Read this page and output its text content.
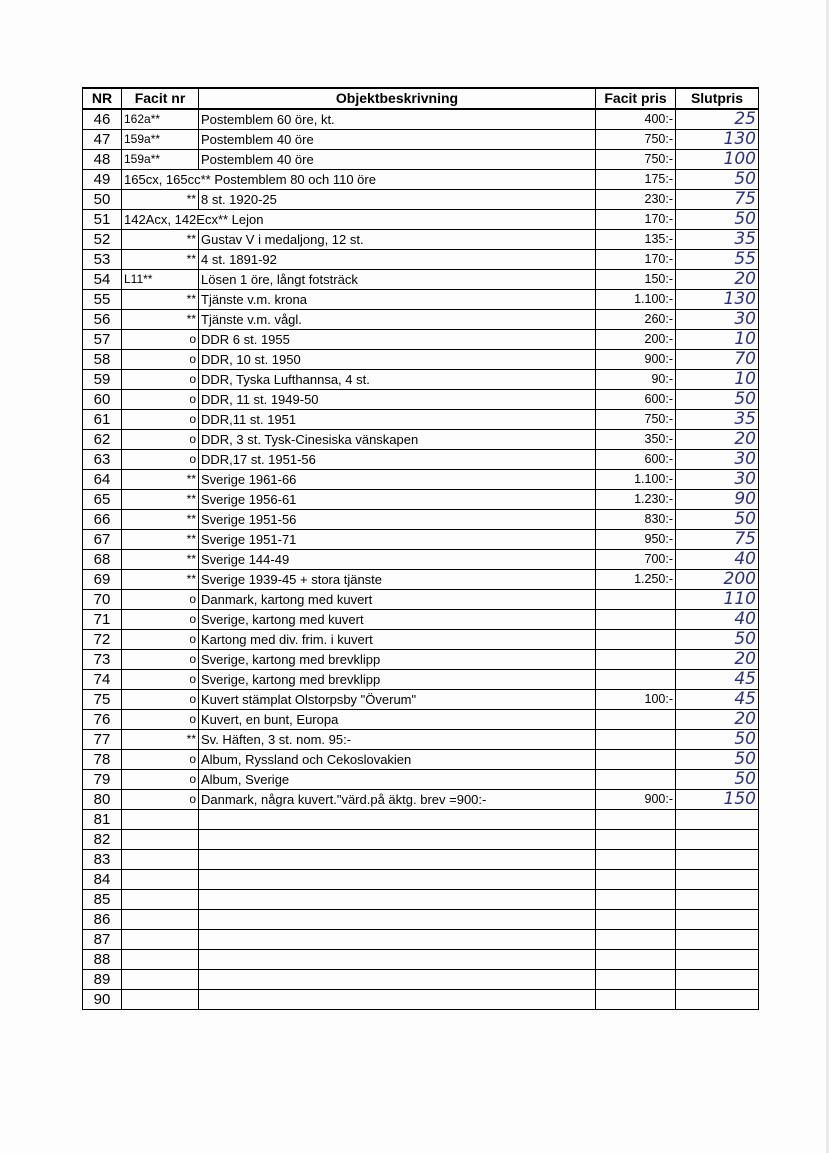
NR	Facit nr	Objektbeskrivning	Facit pris	Slutpris
46	162a**	Postemblem 60 öre, kt.	400:-	25
47	159a**	Postemblem 40 öre	750:-	130
48	159a**	Postemblem 40 öre	750:-	100
49	165cx, 165cc** Postemblem 80 och 110 öre		175:-	50
50	**	8 st. 1920-25	230:-	75
51	142Acx, 142Ecx** Lejon		170:-	50
52	**	Gustav V i medaljong, 12 st.	135:-	35
53	**	4 st. 1891-92	170:-	55
54	L11**	Lösen 1 öre, långt fotsträck	150:-	20
55	**	Tjänste v.m. krona	1.100:-	130
56	**	Tjänste v.m. vågl.	260:-	30
57	o	DDR 6 st. 1955	200:-	10
58	o	DDR, 10 st. 1950	900:-	70
59	o	DDR, Tyska Lufthannsa, 4 st.	90:-	10
60	o	DDR, 11 st. 1949-50	600:-	50
61	o	DDR,11 st. 1951	750:-	35
62	o	DDR, 3 st. Tysk-Cinesiska vänskapen	350:-	20
63	o	DDR,17 st. 1951-56	600:-	30
64	**	Sverige 1961-66	1.100:-	30
65	**	Sverige 1956-61	1.230:-	90
66	**	Sverige 1951-56	830:-	50
67	**	Sverige 1951-71	950:-	75
68	**	Sverige 144-49	700:-	40
69	**	Sverige 1939-45 + stora tjänste	1.250:-	200
70	o	Danmark, kartong med kuvert		110
71	o	Sverige, kartong med kuvert		40
72	o	Kartong med div. frim. i kuvert		50
73	o	Sverige, kartong med brevklipp		20
74	o	Sverige, kartong med brevklipp		45
75	o	Kuvert stämplat Olstorpsby "Överum"	100:-	45
76	o	Kuvert, en bunt, Europa		20
77	**	Sv. Häften, 3 st. nom. 95:-		50
78	o	Album, Ryssland och Cekoslovakien		50
79	o	Album, Sverige		50
80	o	Danmark, några kuvert."värd.på äktg. brev =900:-	900:-	150
81				
82				
83				
84				
85				
86				
87				
88				
89				
90				
